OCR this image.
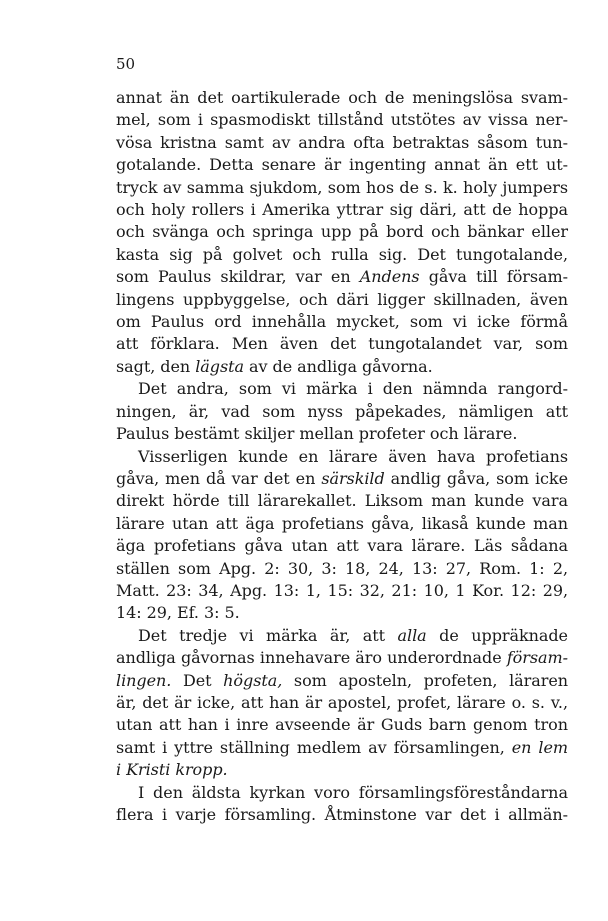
50
annat än det oartikulerade och de meningslösa svam-
mel, som i spasmodiskt tillstånd utstötes av vissa ner-
vösa kristna samt av andra ofta betraktas såsom tun-
gotalande. Detta senare är ingenting annat än ett ut-
tryck av samma sjukdom, som hos de s. k. holy jumpers
och holy rollers i Amerika yttrar sig däri, att de hoppa
och svänga och springa upp på bord och bänkar eller
kasta sig på golvet och rulla sig. Det tungotalande,
som Paulus skildrar, var en Andens gåva till försam-
lingens uppbyggelse, och däri ligger skillnaden, även
om Paulus ord innehålla mycket, som vi icke förmå
att förklara. Men även det tungotalandet var, som
sagt, den lägsta av de andliga gåvorna.
Det andra, som vi märka i den nämnda rangord-
ningen, är, vad som nyss påpekades, nämligen att
Paulus bestämt skiljer mellan profeter och lärare.
Visserligen kunde en lärare även hava profetians
gåva, men då var det en särskild andlig gåva, som icke
direkt hörde till lärarekallet. Liksom man kunde vara
lärare utan att äga profetians gåva, likaså kunde man
äga profetians gåva utan att vara lärare. Läs sådana
ställen som Apg. 2: 30, 3: 18, 24, 13: 27, Rom. 1: 2,
Matt. 23: 34, Apg. 13: 1, 15: 32, 21: 10, 1 Kor. 12: 29,
14: 29, Ef. 3: 5.
Det tredje vi märka är, att alla de uppräknade
andliga gåvornas innehavare äro underordnade försam-
lingen. Det högsta, som aposteln, profeten, läraren
är, det är icke, att han är apostel, profet, lärare o. s. v.,
utan att han i inre avseende är Guds barn genom tron
samt i yttre ställning medlem av församlingen, en lem
i Kristi kropp.
I den äldsta kyrkan voro församlingsföreståndarna
flera i varje församling. Åtminstone var det i allmän-
